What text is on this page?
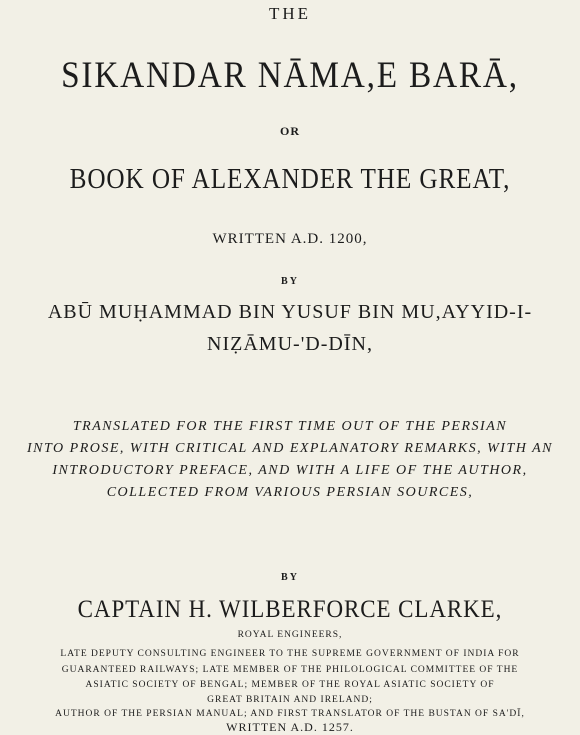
THE
SIKANDAR NĀMA,E BARĀ,
OR
BOOK OF ALEXANDER THE GREAT,
WRITTEN A.D. 1200,
BY
ABŪ MUḤAMMAD BIN YUSUF BIN MU,AYYID-I-
NIẒĀMU-'D-DĪN,
TRANSLATED FOR THE FIRST TIME OUT OF THE PERSIAN
INTO PROSE, WITH CRITICAL AND EXPLANATORY REMARKS, WITH AN
INTRODUCTORY PREFACE, AND WITH A LIFE OF THE AUTHOR,
COLLECTED FROM VARIOUS PERSIAN SOURCES,
BY
CAPTAIN H. WILBERFORCE CLARKE,
ROYAL ENGINEERS,
LATE DEPUTY CONSULTING ENGINEER TO THE SUPREME GOVERNMENT OF INDIA FOR
GUARANTEED RAILWAYS; LATE MEMBER OF THE PHILOLOGICAL COMMITTEE OF THE
ASIATIC SOCIETY OF BENGAL; MEMBER OF THE ROYAL ASIATIC SOCIETY OF
GREAT BRITAIN AND IRELAND;
AUTHOR OF THE PERSIAN MANUAL; AND FIRST TRANSLATOR OF THE BUSTAN OF SA'DĪ,
WRITTEN A.D. 1257.
